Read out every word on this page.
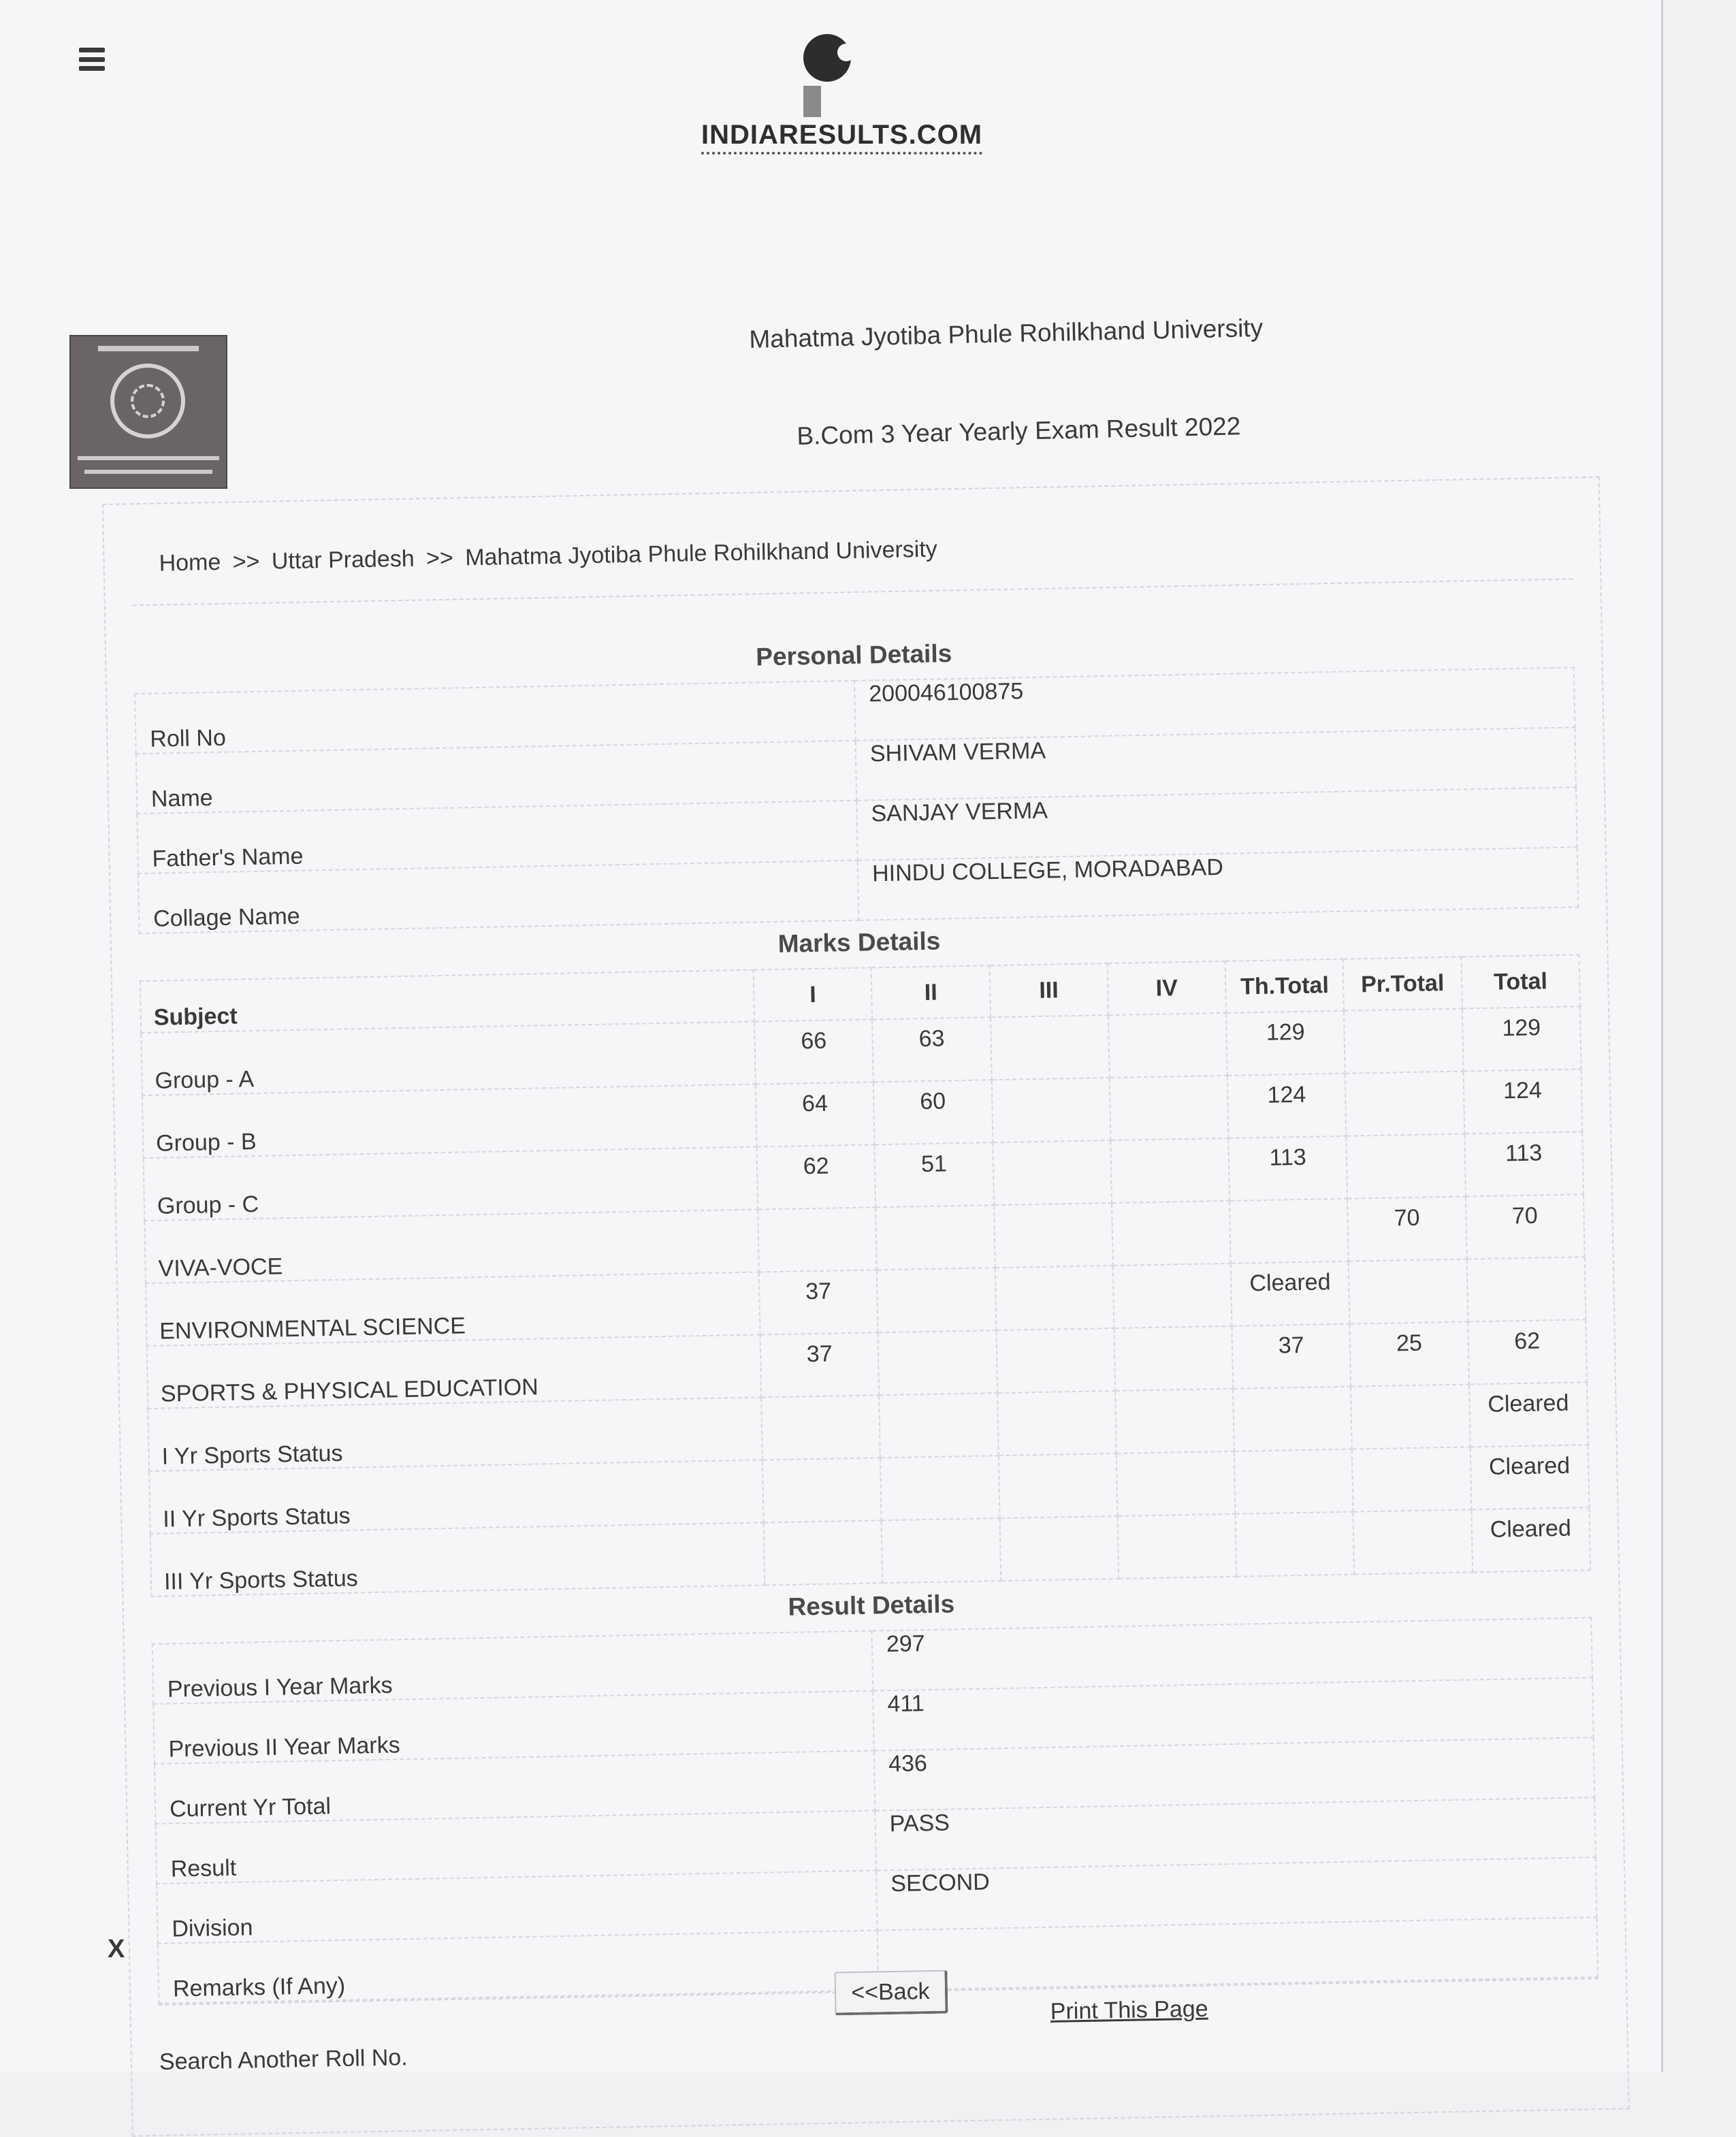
INDIARESULTS.COM
Mahatma Jyotiba Phule Rohilkhand University
B.Com 3 Year Yearly Exam Result 2022
Home >> Uttar Pradesh >> Mahatma Jyotiba Phule Rohilkhand University
Personal Details	

Roll No	200046100875
Name	SHIVAM VERMA
Father's Name	SANJAY VERMA
Collage Name	HINDU COLLEGE, MORADABAD
Marks Details							

Subject	I	II	III	IV	Th.Total	Pr.Total	Total
Group - A	66	63			129		129
Group - B	64	60			124		124
Group - C	62	51			113		113
VIVA-VOCE						70	70
ENVIRONMENTAL SCIENCE	37				Cleared		
SPORTS & PHYSICAL EDUCATION	37				37	25	62
I Yr Sports Status							Cleared
II Yr Sports Status							Cleared
III Yr Sports Status							Cleared
Result Details	

Previous I Year Marks	297
Previous II Year Marks	411
Current Yr Total	436
Result	PASS
Division	SECOND
Remarks (If Any)	
Print This Page
Search Another Roll No.
X
<<Back
